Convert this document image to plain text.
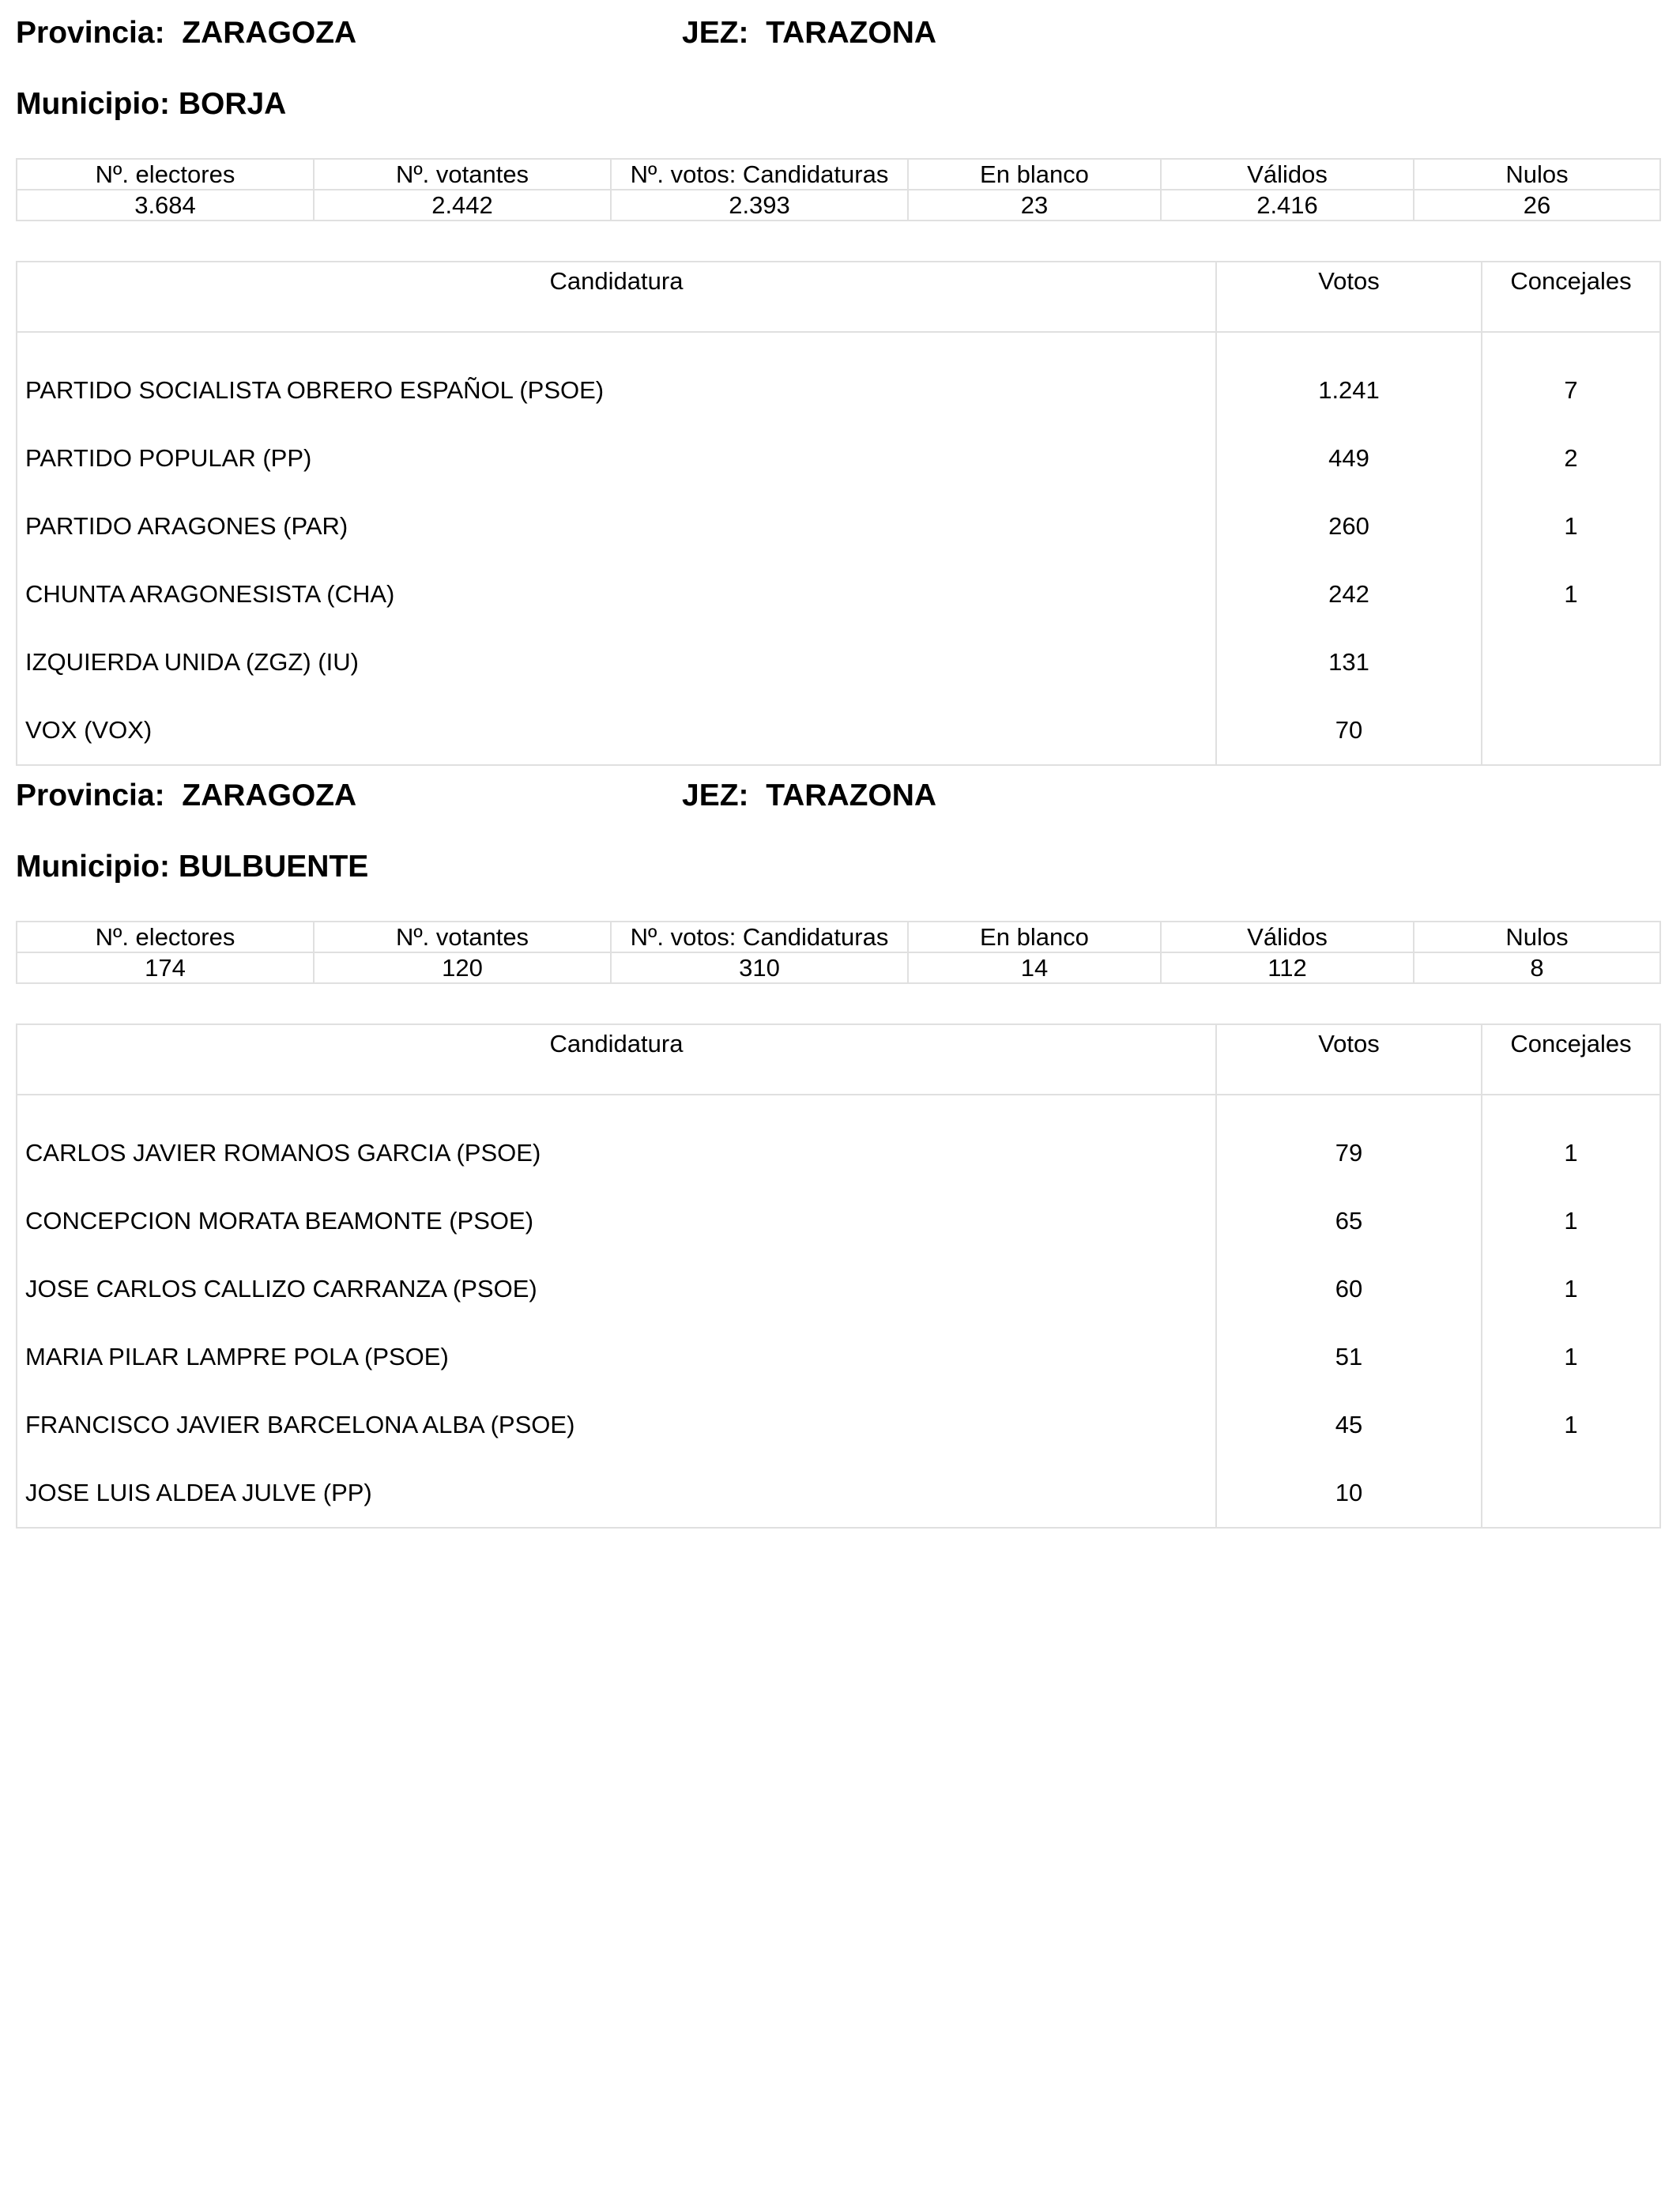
Provincia: ZARAGOZA	JEZ: TARAZONA
Municipio: BORJA
Nº. electores	Nº. votantes	Nº. votos: Candidaturas	En blanco	Válidos	Nulos
3.684	2.442	2.393	23	2.416	26
Candidatura	Votos	Concejales
PARTIDO SOCIALISTA OBRERO ESPAÑOL (PSOE)	1.241	7
PARTIDO POPULAR (PP)	449	2
PARTIDO ARAGONES (PAR)	260	1
CHUNTA ARAGONESISTA (CHA)	242	1
IZQUIERDA UNIDA (ZGZ) (IU)	131	
VOX (VOX)	70	
Provincia: ZARAGOZA	JEZ: TARAZONA
Municipio: BULBUENTE
Nº. electores	Nº. votantes	Nº. votos: Candidaturas	En blanco	Válidos	Nulos
174	120	310	14	112	8
Candidatura	Votos	Concejales
CARLOS JAVIER ROMANOS GARCIA (PSOE)	79	1
CONCEPCION MORATA BEAMONTE (PSOE)	65	1
JOSE CARLOS CALLIZO CARRANZA (PSOE)	60	1
MARIA PILAR LAMPRE POLA (PSOE)	51	1
FRANCISCO JAVIER BARCELONA ALBA (PSOE)	45	1
JOSE LUIS ALDEA JULVE (PP)	10	
